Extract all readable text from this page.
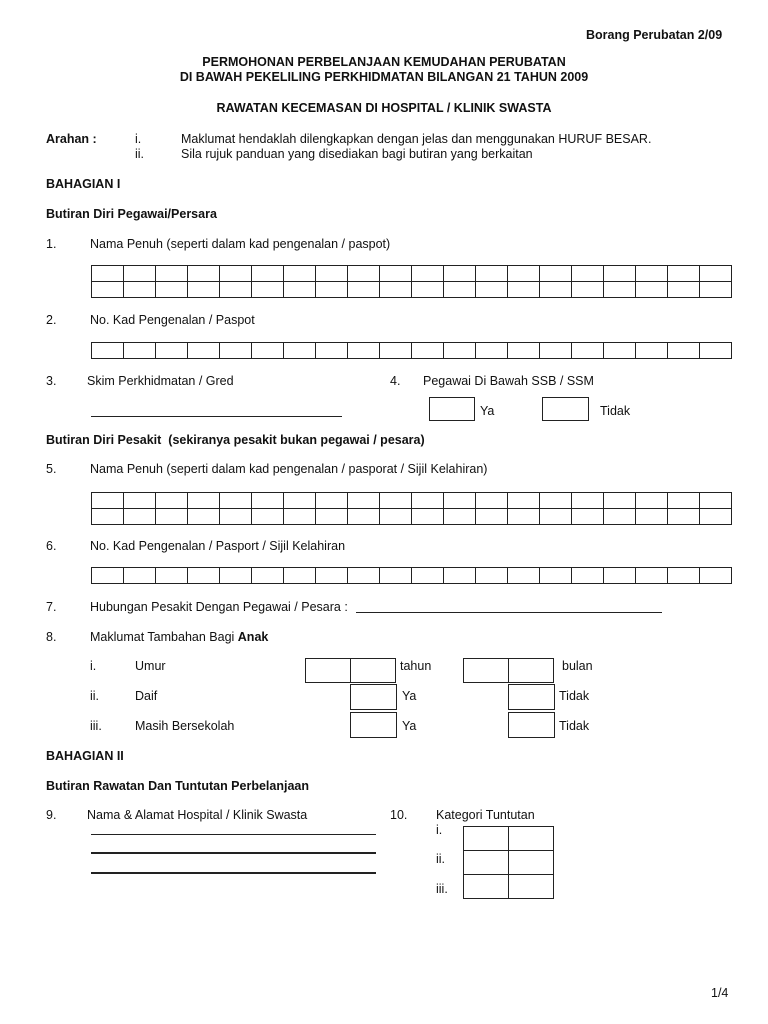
Borang Perubatan 2/09
PERMOHONAN PERBELANJAAN KEMUDAHAN PERUBATAN
DI BAWAH PEKELILING PERKHIDMATAN BILANGAN 21 TAHUN 2009
RAWATAN KECEMASAN DI HOSPITAL / KLINIK SWASTA
Arahan :	i.	Maklumat hendaklah dilengkapkan dengan jelas dan menggunakan HURUF BESAR.
ii.	Sila rujuk panduan yang disediakan bagi butiran yang berkaitan
BAHAGIAN I
Butiran Diri Pegawai/Persara
1.	Nama Penuh (seperti dalam kad pengenalan / paspot)
2.	No. Kad Pengenalan / Paspot
3. Skim Perkhidmatan / Gred	4. Pegawai Di Bawah SSB / SSM
Ya	Tidak
Butiran Diri Pesakit (sekiranya pesakit bukan pegawai / pesara)
5.	Nama Penuh (seperti dalam kad pengenalan / pasporat / Sijil Kelahiran)
6.	No. Kad Pengenalan / Pasport / Sijil Kelahiran
7.	Hubungan Pesakit Dengan Pegawai / Pesara :
8.	Maklumat Tambahan Bagi Anak
i.	Umur	tahun	bulan
ii.	Daif	Ya	Tidak
iii.	Masih Bersekolah	Ya	Tidak
BAHAGIAN II
Butiran Rawatan Dan Tuntutan Perbelanjaan
9. Nama & Alamat Hospital / Klinik Swasta	10. Kategori Tuntutan
i.
ii.
iii.
1/4
